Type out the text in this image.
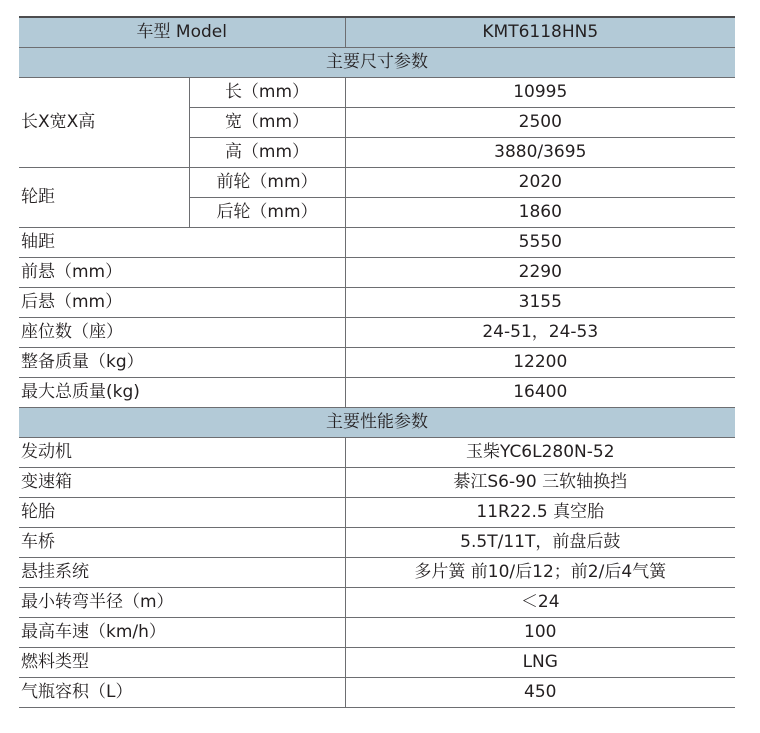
车型 Model		KMT6118HN5
主要尺寸参数		
长X宽X高	长（mm）	10995
	宽（mm）	2500
	高（mm）	3880/3695
轮距	前轮（mm）	2020
	后轮（mm）	1860
轴距		5550
前悬（mm）		2290
后悬（mm）		3155
座位数（座）		24-51，24-53
整备质量（kg）		12200
最大总质量(kg)		16400
主要性能参数		
发动机		玉柴YC6L280N-52
变速箱		綦江S6-90 三软轴换挡
轮胎		11R22.5 真空胎
车桥		5.5T/11T，前盘后鼓
悬挂系统		多片簧 前10/后12；前2/后4气簧
最小转弯半径（m）		＜24
最高车速（km/h）		100
燃料类型		LNG
气瓶容积（L）		450
